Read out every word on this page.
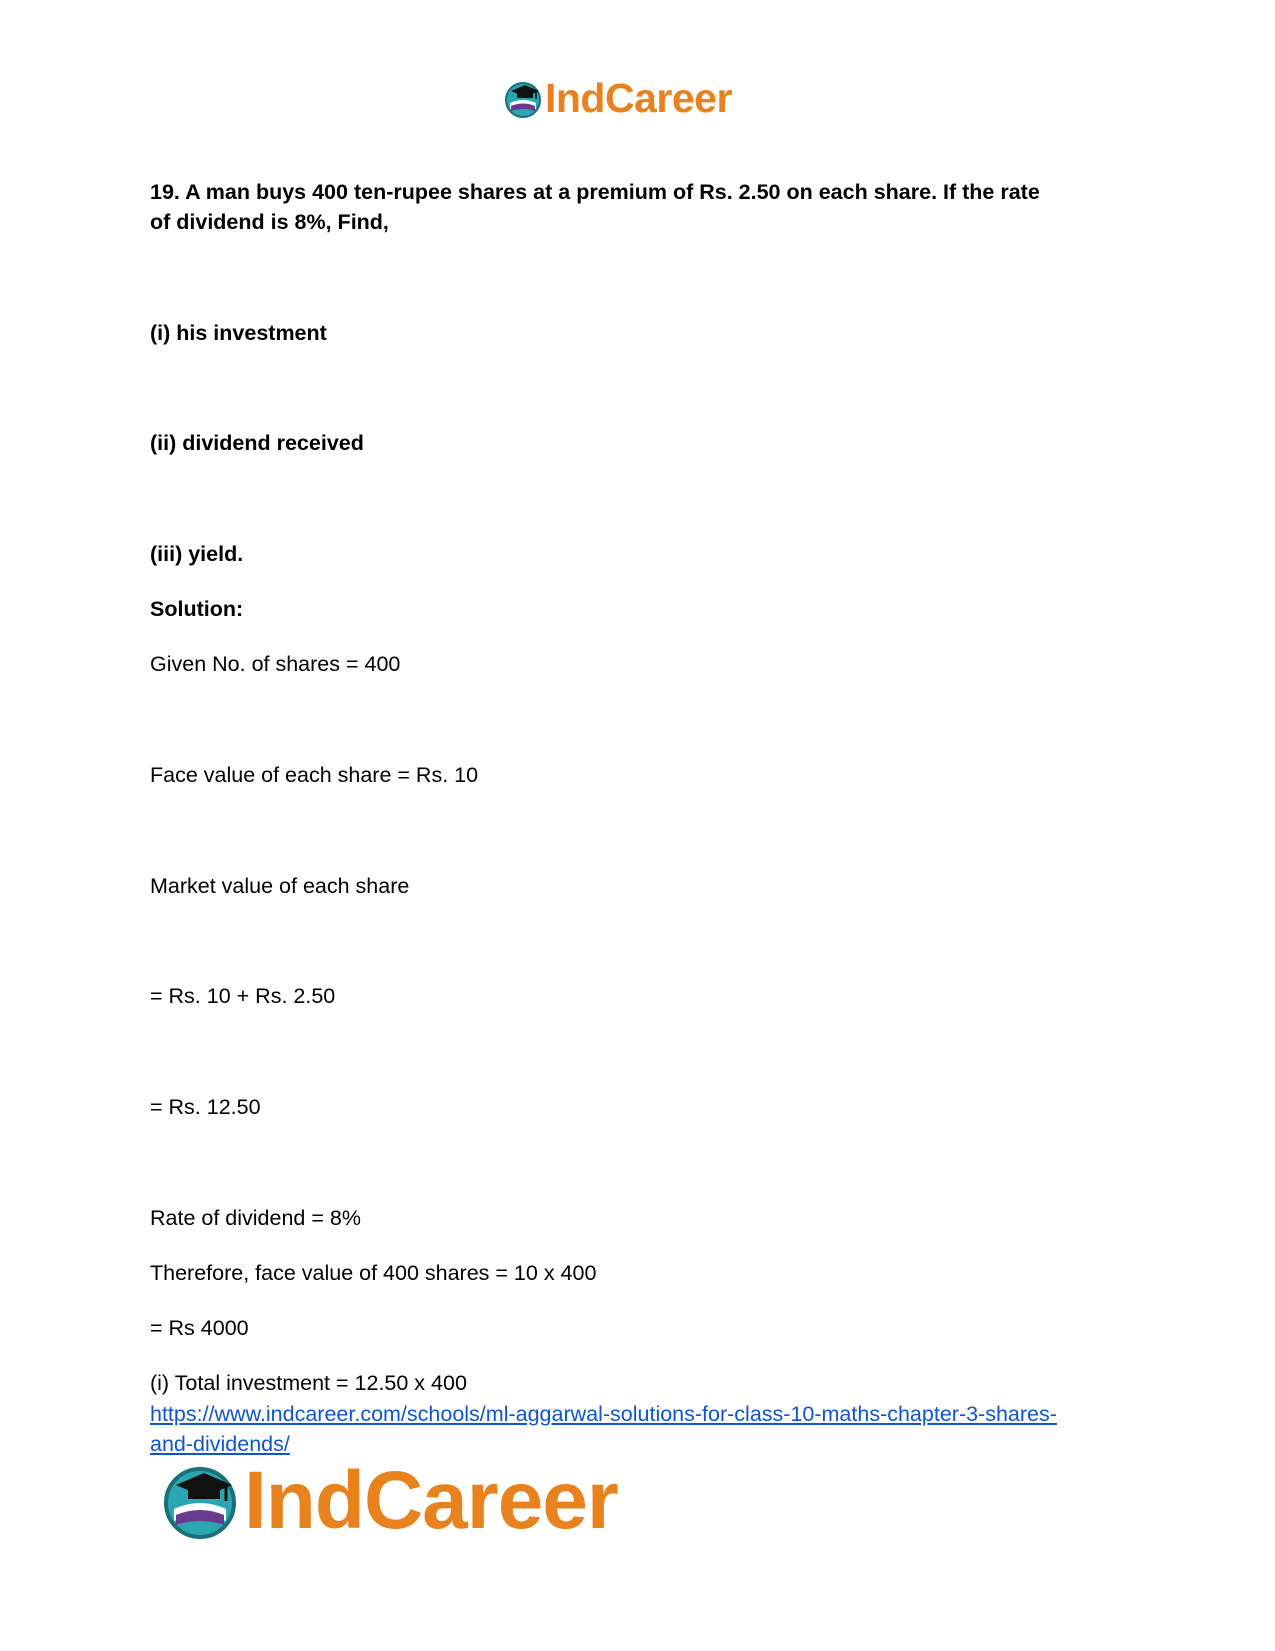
IndCareer

19. A man buys 400 ten-rupee shares at a premium of Rs. 2.50 on each share. If the rate

of dividend is 8%, Find,

(i) his investment

(ii) dividend received

(iii) yield.

Solution:

Given No. of shares = 400

Face value of each share = Rs. 10

Market value of each share

= Rs. 10 + Rs. 2.50

= Rs. 12.50

Rate of dividend = 8%

Therefore, face value of 400 shares = 10 x 400

= Rs 4000

(i) Total investment = 12.50 x 400

https://www.indcareer.com/schools/ml-aggarwal-solutions-for-class-10-maths-chapter-3-shares-
and-dividends/
IndCareer
